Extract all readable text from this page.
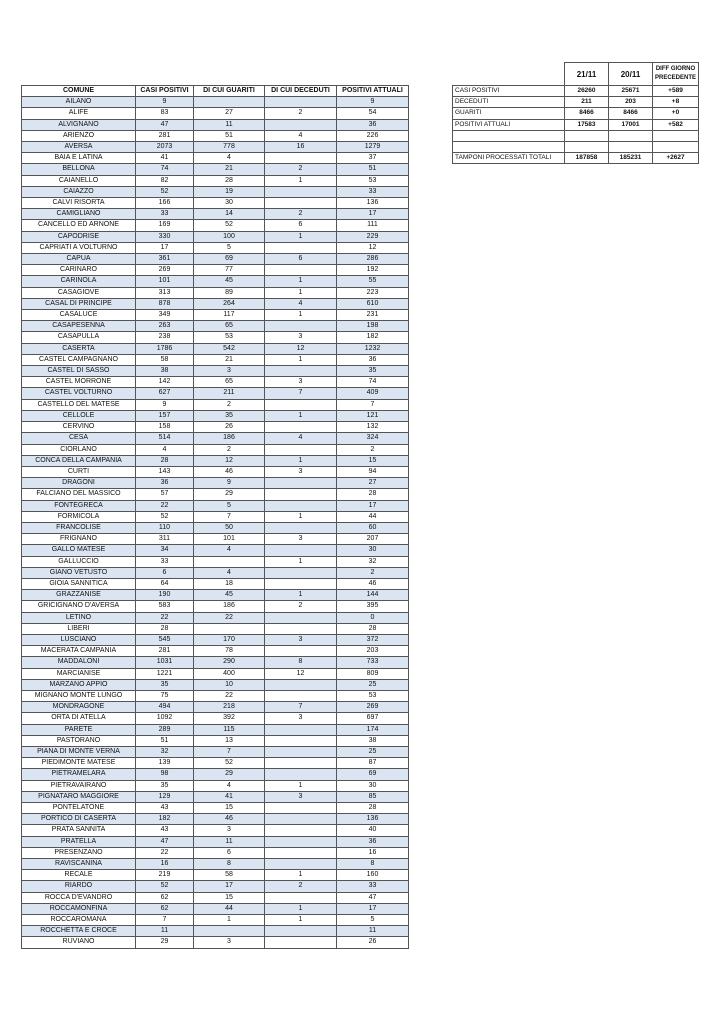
COMUNE	CASI POSITIVI	DI CUI GUARITI	DI CUI DECEDUTI	POSITIVI ATTUALI
AILANO	9			9
ALIFE	83	27	2	54
ALVIGNANO	47	11		36
ARIENZO	281	51	4	226
AVERSA	2073	778	16	1279
BAIA E LATINA	41	4		37
BELLONA	74	21	2	51
CAIANELLO	82	28	1	53
CAIAZZO	52	19		33
CALVI RISORTA	166	30		136
CAMIGLIANO	33	14	2	17
CANCELLO ED ARNONE	169	52	6	111
CAPODRISE	330	100	1	229
CAPRIATI A VOLTURNO	17	5		12
CAPUA	361	69	6	286
CARINARO	269	77		192
CARINOLA	101	45	1	55
CASAGIOVE	313	89	1	223
CASAL DI PRINCIPE	878	264	4	610
CASALUCE	349	117	1	231
CASAPESENNA	263	65		198
CASAPULLA	238	53	3	182
CASERTA	1786	542	12	1232
CASTEL CAMPAGNANO	58	21	1	36
CASTEL DI SASSO	38	3		35
CASTEL MORRONE	142	65	3	74
CASTEL VOLTURNO	627	211	7	409
CASTELLO DEL MATESE	9	2		7
CELLOLE	157	35	1	121
CERVINO	158	26		132
CESA	514	186	4	324
CIORLANO	4	2		2
CONCA DELLA CAMPANIA	28	12	1	15
CURTI	143	46	3	94
DRAGONI	36	9		27
FALCIANO DEL MASSICO	57	29		28
FONTEGRECA	22	5		17
FORMICOLA	52	7	1	44
FRANCOLISE	110	50		60
FRIGNANO	311	101	3	207
GALLO MATESE	34	4		30
GALLUCCIO	33		1	32
GIANO VETUSTO	6	4		2
GIOIA SANNITICA	64	18		46
GRAZZANISE	190	45	1	144
GRICIGNANO D'AVERSA	583	186	2	395
LETINO	22	22		0
LIBERI	28			28
LUSCIANO	545	170	3	372
MACERATA CAMPANIA	281	78		203
MADDALONI	1031	290	8	733
MARCIANISE	1221	400	12	809
MARZANO APPIO	35	10		25
MIGNANO MONTE LUNGO	75	22		53
MONDRAGONE	494	218	7	269
ORTA DI ATELLA	1092	392	3	697
PARETE	289	115		174
PASTORANO	51	13		38
PIANA DI MONTE VERNA	32	7		25
PIEDIMONTE MATESE	139	52		87
PIETRAMELARA	98	29		69
PIETRAVAIRANO	35	4	1	30
PIGNATARO MAGGIORE	129	41	3	85
PONTELATONE	43	15		28
PORTICO DI CASERTA	182	46		136
PRATA SANNITA	43	3		40
PRATELLA	47	11		36
PRESENZANO	22	6		16
RAVISCANINA	16	8		8
RECALE	219	58	1	160
RIARDO	52	17	2	33
ROCCA D'EVANDRO	62	15		47
ROCCAMONFINA	62	44	1	17
ROCCAROMANA	7	1	1	5
ROCCHETTA E CROCE	11			11
RUVIANO	29	3		26
	21/11	20/11	DIFF GIORNO PRECEDENTE
CASI POSITIVI	26260	25671	+589
DECEDUTI	211	203	+8
GUARITI	8466	8466	+0
POSITIVI ATTUALI	17583	17001	+582

TAMPONI PROCESSATI TOTALI	187858	185231	+2627
